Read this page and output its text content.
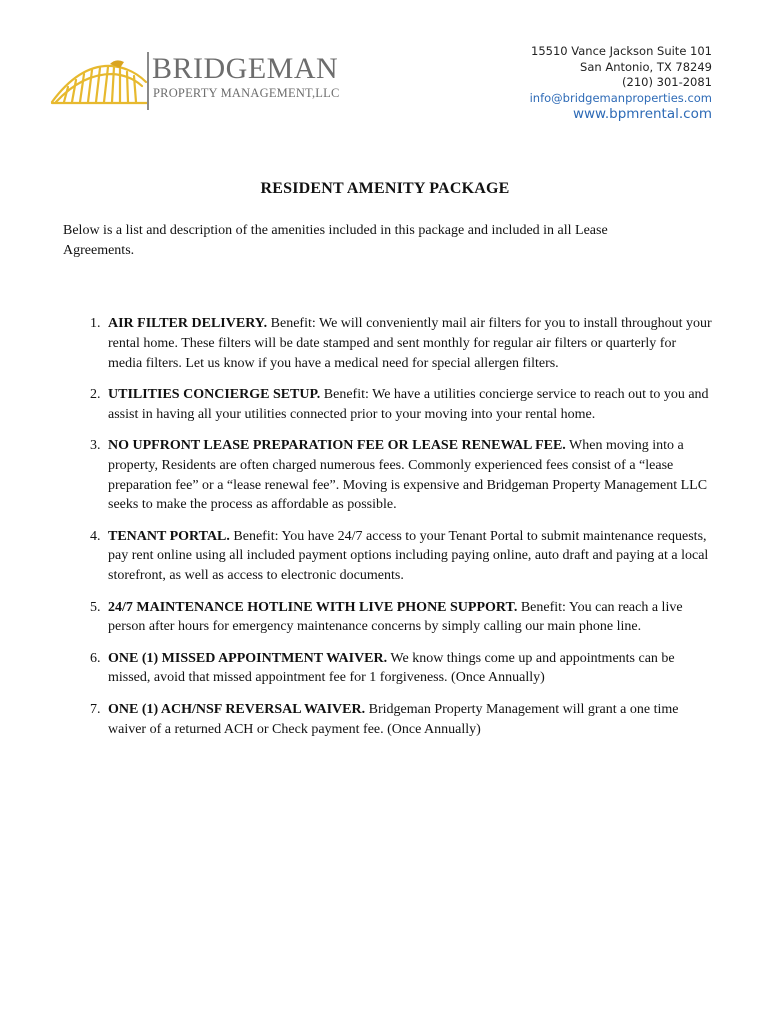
BRIDGEMAN
PROPERTY MANAGEMENT,LLC
15510 Vance Jackson Suite 101
San Antonio, TX 78249
(210) 301-2081
info@bridgemanproperties.com
www.bpmrental.com
RESIDENT AMENITY PACKAGE
Below is a list and description of the amenities included in this package and included in all Lease Agreements.
1. AIR FILTER DELIVERY. Benefit: We will conveniently mail air filters for you to install throughout your rental home. These filters will be date stamped and sent monthly for regular air filters or quarterly for media filters. Let us know if you have a medical need for special allergen filters.
2. UTILITIES CONCIERGE SETUP. Benefit: We have a utilities concierge service to reach out to you and assist in having all your utilities connected prior to your moving into your rental home.
3. NO UPFRONT LEASE PREPARATION FEE OR LEASE RENEWAL FEE. When moving into a property, Residents are often charged numerous fees. Commonly experienced fees consist of a “lease preparation fee” or a “lease renewal fee”. Moving is expensive and Bridgeman Property Management LLC seeks to make the process as affordable as possible.
4. TENANT PORTAL. Benefit: You have 24/7 access to your Tenant Portal to submit maintenance requests, pay rent online using all included payment options including paying online, auto draft and paying at a local storefront, as well as access to electronic documents.
5. 24/7 MAINTENANCE HOTLINE WITH LIVE PHONE SUPPORT. Benefit: You can reach a live person after hours for emergency maintenance concerns by simply calling our main phone line.
6. ONE (1) MISSED APPOINTMENT WAIVER. We know things come up and appointments can be missed, avoid that missed appointment fee for 1 forgiveness. (Once Annually)
7. ONE (1) ACH/NSF REVERSAL WAIVER. Bridgeman Property Management will grant a one time waiver of a returned ACH or Check payment fee. (Once Annually)
